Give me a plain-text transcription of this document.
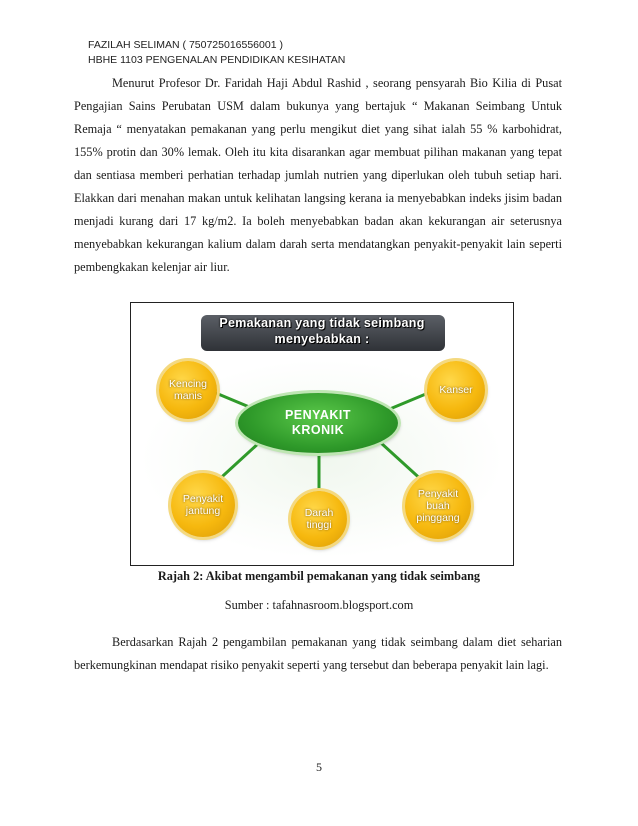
FAZILAH SELIMAN ( 750725016556001 )
HBHE 1103 PENGENALAN PENDIDIKAN KESIHATAN

Menurut Profesor Dr. Faridah Haji Abdul Rashid , seorang pensyarah Bio Kilia di Pusat Pengajian Sains Perubatan USM dalam bukunya yang bertajuk “ Makanan Seimbang Untuk Remaja “ menyatakan pemakanan yang perlu mengikut diet yang sihat ialah 55 % karbohidrat, 155% protin dan 30% lemak. Oleh itu kita disarankan agar membuat pilihan makanan yang tepat dan sentiasa memberi perhatian terhadap jumlah nutrien yang diperlukan oleh tubuh setiap hari. Elakkan dari menahan makan untuk kelihatan langsing kerana ia menyebabkan indeks jisim badan menjadi kurang dari 17 kg/m2. Ia boleh menyebabkan badan akan kekurangan air seterusnya menyebabkan kekurangan kalium dalam darah serta mendatangkan penyakit-penyakit lain seperti pembengkakan kelenjar air liur.

Pemakanan yang tidak seimbang
menyebabkan :
Kencing
manis	Kanser
Penyakit
jantung	Darah
tinggi
Penyakit
buah
pinggang
PENYAKIT
KRONIK

Rajah 2: Akibat mengambil pemakanan yang tidak seimbang

Sumber : tafahnasroom.blogsport.com

Berdasarkan Rajah 2 pengambilan pemakanan yang tidak seimbang dalam diet seharian berkemungkinan mendapat risiko penyakit seperti yang tersebut dan beberapa penyakit lain lagi.

5
